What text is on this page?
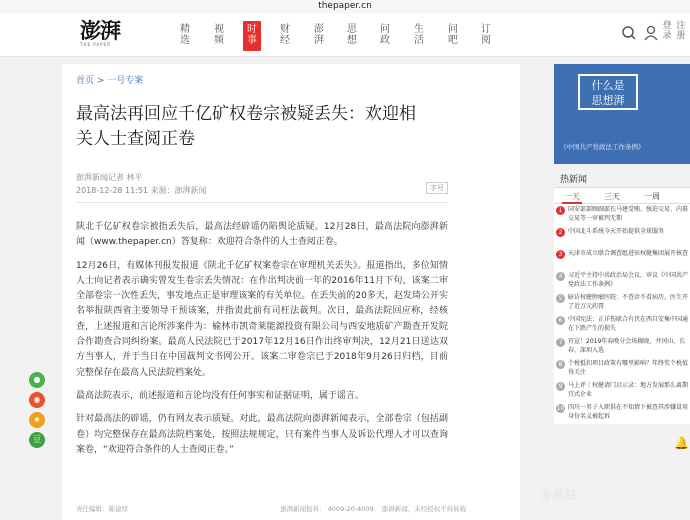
thepaper.cn
澎湃
THE PAPER
精选
视频
时事
财经
澎湃
思想
问政
生活
问吧
订阅
登录
注册
首页 > 一号专案
最高法再回应千亿矿权卷宗被疑丢失：欢迎相关人士查阅正卷
澎湃新闻记者 林平
2018-12-28 11:51 来源：澎湃新闻	字号

陕北千亿矿权卷宗被指丢失后，最高法经辟谣仍陷舆论质疑。12月28日，最高法院向澎湃新闻（www.thepaper.cn）答复称：欢迎符合条件的人士查阅正卷。

12月26日，有媒体刊报发报道《陕北千亿矿权案卷宗在审理机关丢失》。报道指出，多位知情人士向记者表示确实曾发生卷宗丢失情况：在作出判决前一年的2016年11月下旬，该案二审全部卷宗一次性丢失，事发地点正是审理该案的有关单位。在丢失前的20多天，赵发琦公开实名举报陕西省主要领导干预该案，并指责此前有司枉法裁判。次日，最高法院回应称，经核查，上述报道和言论所涉案件为：榆林市凯奇莱能源投资有限公司与西安地质矿产勘查开发院合作勘查合同纠纷案。最高人民法院已于2017年12月16日作出终审判决，12月21日送达双方当事人，并于当日在中国裁判文书网公开。该案二审卷宗已于2018年9月26日归档，目前完整保存在最高人民法院档案处。

最高法院表示，前述报道和言论均没有任何事实和证据证明，属于谣言。

针对最高法的辟谣，仍有网友表示质疑。对此，最高法院向澎湃新闻表示，全部卷宗（包括副卷）均完整保存在最高法院档案处，按照法规规定，只有案件当事人及诉讼代理人才可以查询案卷，“欢迎符合条件的人士查阅正卷。”

责任编辑：陈建厚	澎湃新闻报料： 4009-20-4009 澎湃新闻，未经授权不得转载
●
◉
★
豆
什么是
思想湃
《中国共产党政法工作条例》
热新闻
一天	三天	一周
1 国安部部顾副部长马建受贿、强迫交易、内幕交易等一审被判无期
2 中国北斗系统今天开始提供全球服务
3 天津市成立联合调查组进驻权健集团展开核查
4 习近平主持中共政治局会议，审议《中国共产党政法工作条例》
5 暗访权健肿瘤医院：不查诊不看病历，医生开了近万元药膏
6 中国宪法：正详伤联合有伏在西自安集中国通在下跌产生的损失
7 官宣！2019年春晚分会场揭晓，井冈山、长春、深圳入选
8 个税抵扣项目政策有哪里影响？年终奖个税值得关注
9 马上评｜权健请门启示录：地方发展那么离期宜式企业
10 四川一男子入职供在不知情下被查其涉嫌冒用身份名义被起诉
🔔
@星辰
